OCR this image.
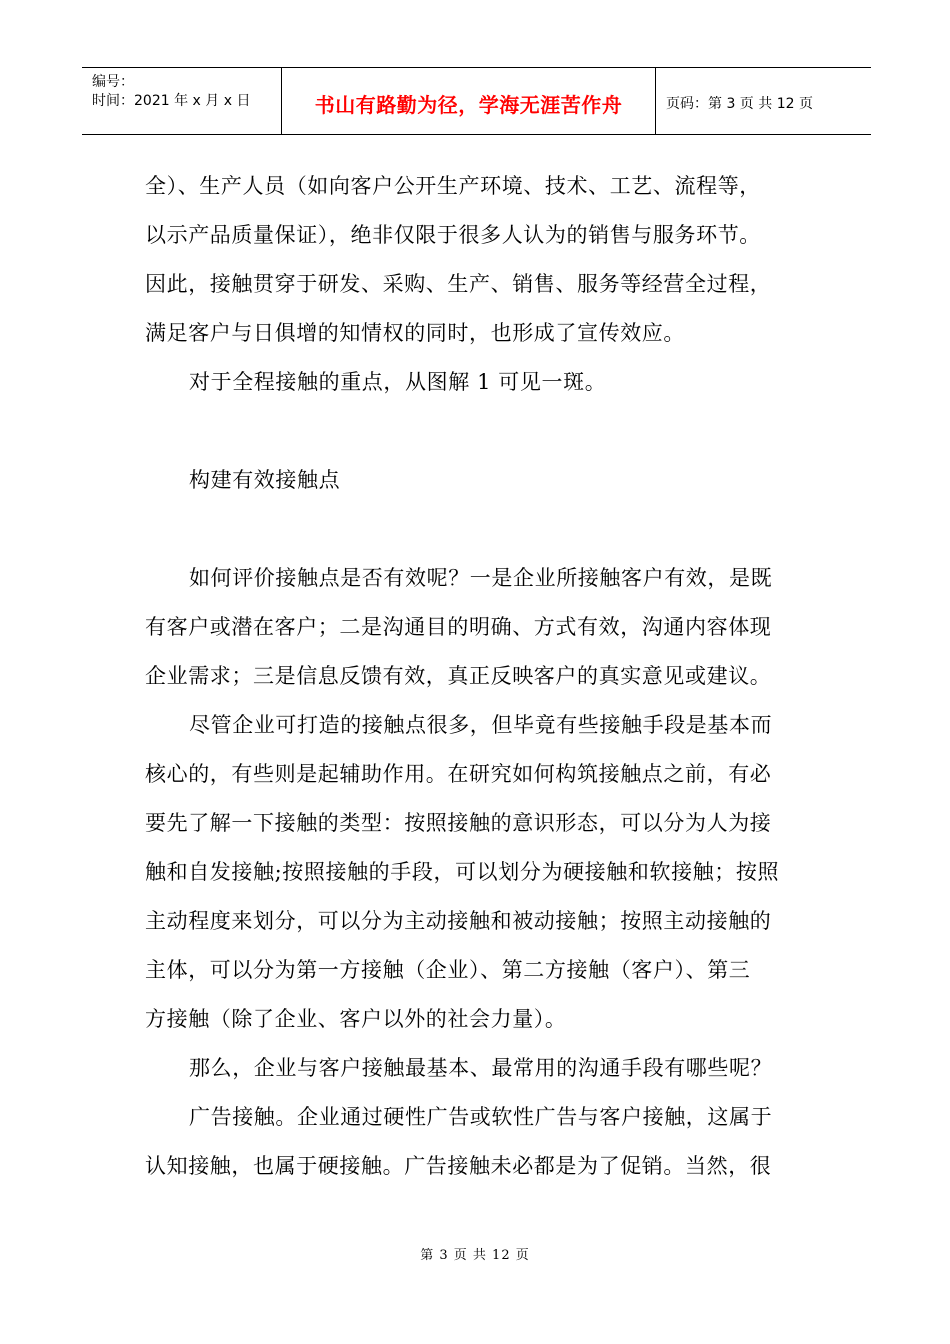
编号：
时间：2021 年 x 月 x 日	书山有路勤为径，学海无涯苦作舟	页码：第 3 页 共 12 页
全）、生产人员（如向客户公开生产环境、技术、工艺、流程等，
以示产品质量保证），绝非仅限于很多人认为的销售与服务环节。
因此，接触贯穿于研发、采购、生产、销售、服务等经营全过程，
满足客户与日俱增的知情权的同时，也形成了宣传效应。
对于全程接触的重点，从图解 1 可见一斑。
构建有效接触点
如何评价接触点是否有效呢？一是企业所接触客户有效，是既
有客户或潜在客户；二是沟通目的明确、方式有效，沟通内容体现
企业需求；三是信息反馈有效，真正反映客户的真实意见或建议。
尽管企业可打造的接触点很多，但毕竟有些接触手段是基本而
核心的，有些则是起辅助作用。在研究如何构筑接触点之前，有必
要先了解一下接触的类型：按照接触的意识形态，可以分为人为接
触和自发接触;按照接触的手段，可以划分为硬接触和软接触；按照
主动程度来划分，可以分为主动接触和被动接触；按照主动接触的
主体，可以分为第一方接触（企业）、第二方接触（客户）、第三
方接触（除了企业、客户以外的社会力量）。
那么，企业与客户接触最基本、最常用的沟通手段有哪些呢？
广告接触。企业通过硬性广告或软性广告与客户接触，这属于
认知接触，也属于硬接触。广告接触未必都是为了促销。当然，很
第 3 页 共 12 页
